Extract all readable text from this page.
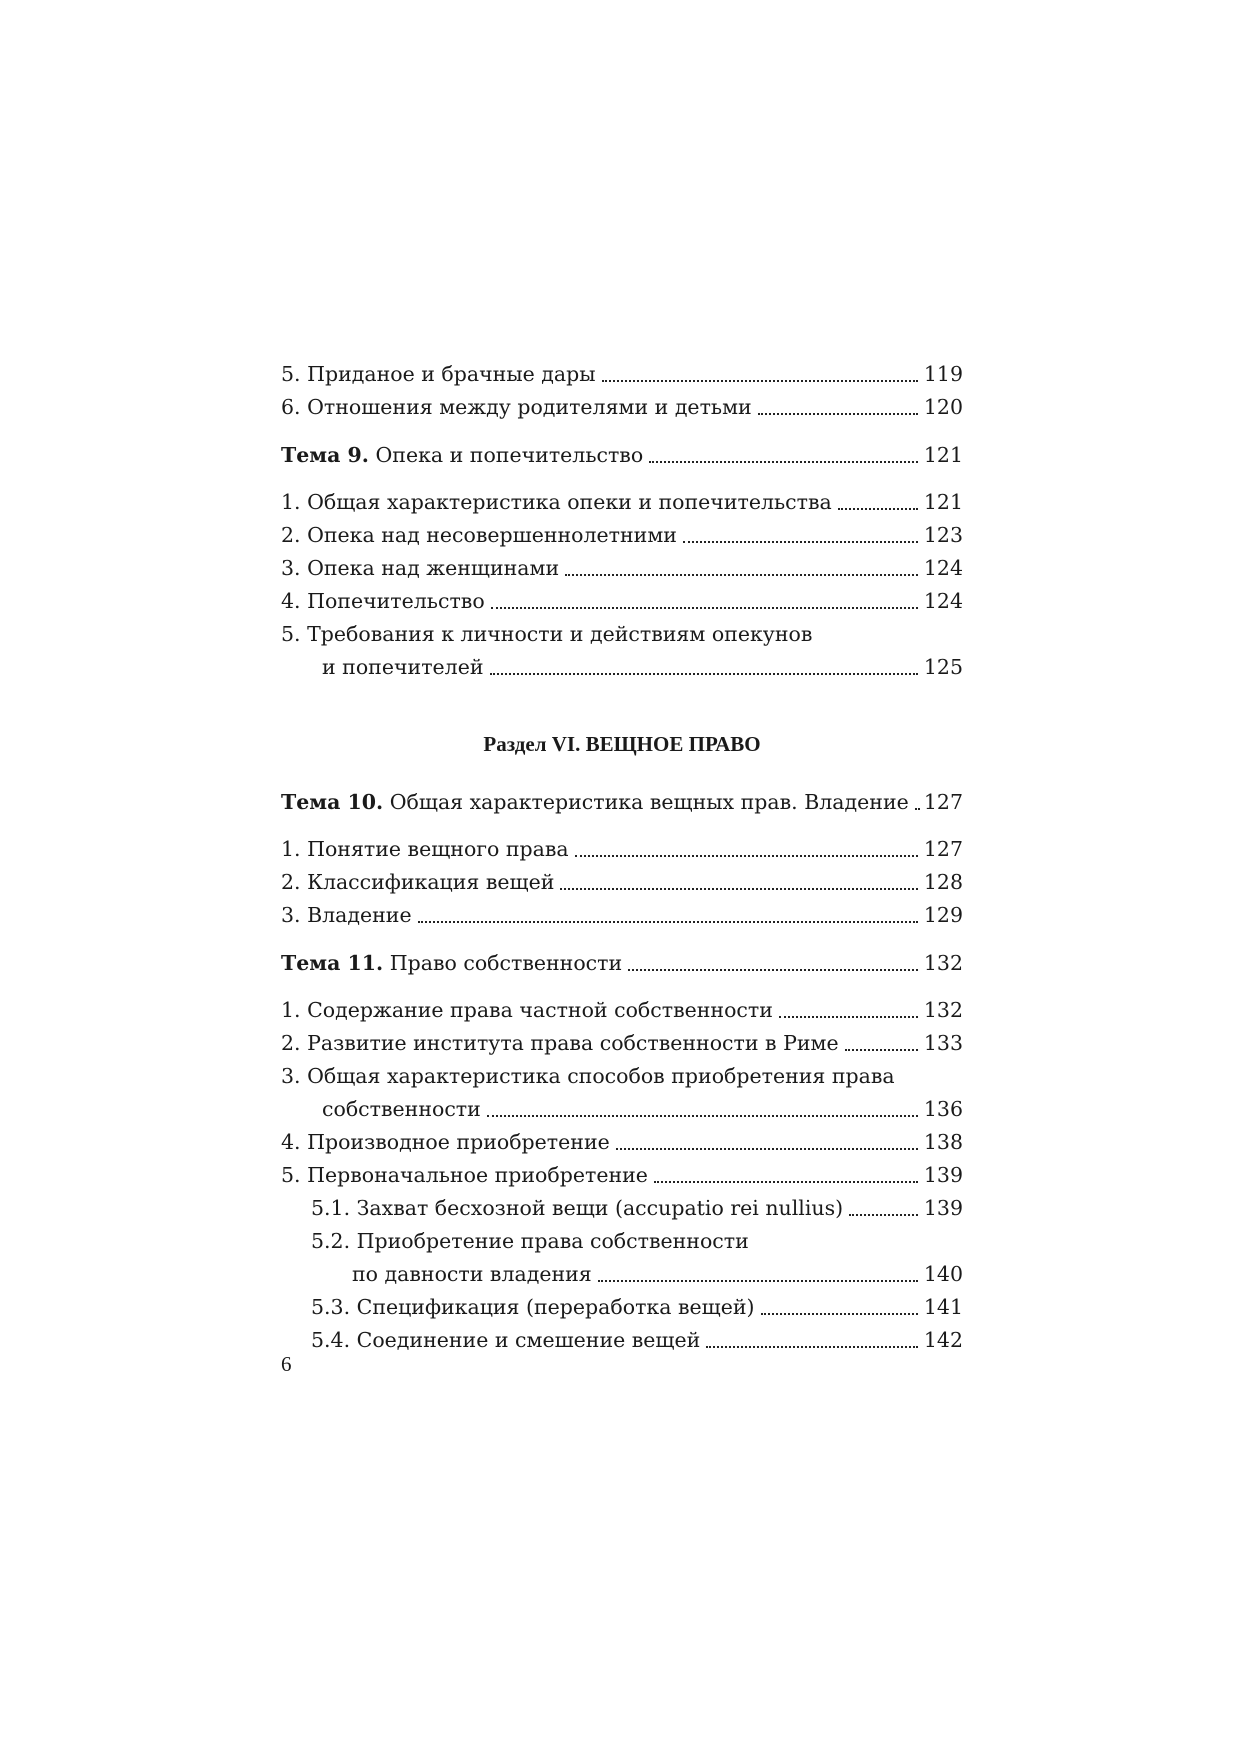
5. Приданое и брачные дары	119
6. Отношения между родителями и детьми	120
Тема 9. Опека и попечительство	121
1. Общая характеристика опеки и попечительства	121
2. Опека над несовершеннолетними	123
3. Опека над женщинами	124
4. Попечительство	124
5. Требования к личности и действиям опекунов
и попечителей	125
Раздел VI. ВЕЩНОЕ ПРАВО
Тема 10. Общая характеристика вещных прав. Владение 127
1. Понятие вещного права	127
2. Классификация вещей	128
3. Владение	129
Тема 11. Право собственности	132
1. Содержание права частной собственности	132
2. Развитие института права собственности в Риме	133
3. Общая характеристика способов приобретения права
собственности	136
4. Производное приобретение	138
5. Первоначальное приобретение	139
5.1. Захват бесхозной вещи (accupatio rei nullius)	139
5.2. Приобретение права собственности
по давности владения	140
5.3. Спецификация (переработка вещей)	141
5.4. Соединение и смешение вещей	142
6
